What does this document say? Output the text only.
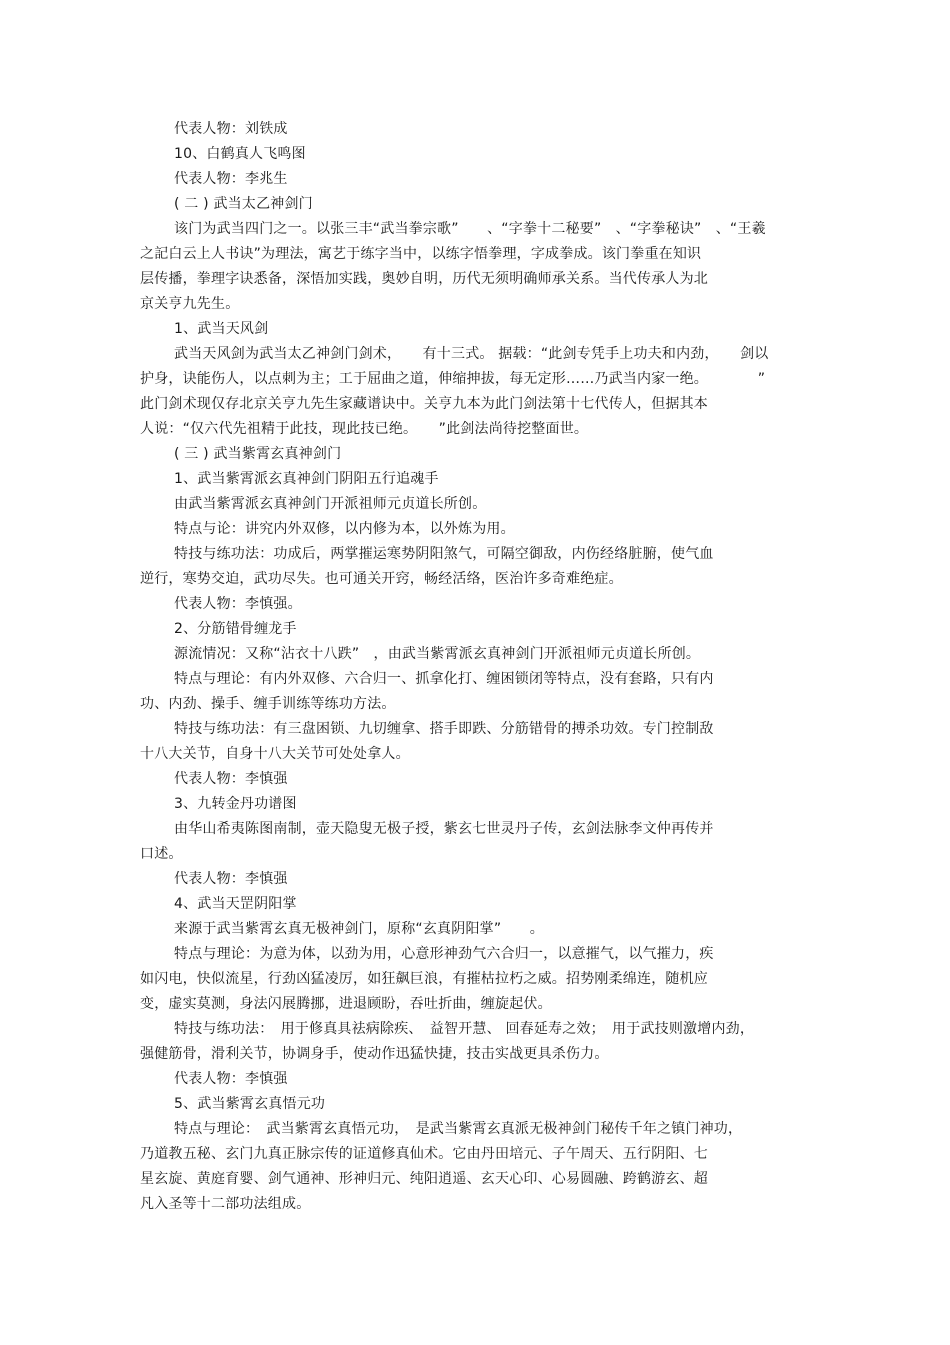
代表人物：刘铁成
10、白鹤真人飞鸣图
代表人物：李兆生
( 二 ) 武当太乙神剑门
该门为武当四门之一。以张三丰“武当拳宗歌”　　、“字拳十二秘要”　、“字拳秘诀”　、“王羲
之記白云上人书诀”为理法，寓艺于练字当中，以练字悟拳理，字成拳成。该门拳重在知识
层传播，拳理字诀悉备，深悟加实践，奥妙自明，历代无须明确师承关系。当代传承人为北
京关亨九先生。
1、武当天风剑
武当天风剑为武当太乙神剑门剑术，　　有十三式。 据载：“此剑专凭手上功夫和内劲，　　剑以
护身，诀能伤人，以点刺为主；工于屈曲之道，伸缩抻拔，每无定形……乃武当内家一绝。　　　　”
此门剑术现仅存北京关亨九先生家藏谱诀中。关亨九本为此门剑法第十七代传人，但据其本
人说：“仅六代先祖精于此技，现此技已绝。　　”此剑法尚待挖整面世。
( 三 ) 武当紫霄玄真神剑门
1、武当紫霄派玄真神剑门阴阳五行追魂手
由武当紫霄派玄真神剑门开派祖师元贞道长所创。
特点与论：讲究内外双修，以内修为本，以外炼为用。
特技与练功法：功成后，两掌摧运寒势阴阳煞气，可隔空御敌，内伤经络脏腑，使气血
逆行，寒势交迫，武功尽失。也可通关开窍，畅经活络，医治许多奇难绝症。
代表人物：李慎强。
2、分筋错骨缠龙手
源流情况：又称“沾衣十八跌”　，由武当紫霄派玄真神剑门开派祖师元贞道长所创。
特点与理论：有内外双修、六合归一、抓拿化打、缠困锁闭等特点，没有套路，只有内
功、内劲、操手、缠手训练等练功方法。
特技与练功法：有三盘困锁、九切缠拿、搭手即跌、分筋错骨的搏杀功效。专门控制敌
十八大关节，自身十八大关节可处处拿人。
代表人物：李慎强
3、九转金丹功谱图
由华山希夷陈图南制，壶天隐叟无极子授，紫玄七世灵丹子传，玄剑法脉李文仲再传并
口述。
代表人物：李慎强
4、武当天罡阴阳掌
来源于武当紫霄玄真无极神剑门，原称“玄真阴阳掌”　　。
特点与理论：为意为体，以劲为用，心意形神劲气六合归一，以意摧气，以气摧力，疾
如闪电，快似流星，行劲凶猛凌厉，如狂飙巨浪，有摧枯拉朽之威。招势刚柔绵连，随机应
变，虚实莫测，身法闪展腾挪，进退顾盼，吞吐折曲，缠旋起伏。
特技与练功法：　用于修真具祛病除疾、　益智开慧、 回春延寿之效；　用于武技则激增内劲，
强健筋骨，滑利关节，协调身手，使动作迅猛快捷，技击实战更具杀伤力。
代表人物：李慎强
5、武当紫霄玄真悟元功
特点与理论：　武当紫霄玄真悟元功，　是武当紫霄玄真派无极神剑门秘传千年之镇门神功，
乃道教五秘、玄门九真正脉宗传的证道修真仙术。它由丹田培元、子午周天、五行阴阳、七
星玄旋、黄庭育婴、剑气通神、形神归元、纯阳逍遥、玄天心印、心易圆融、跨鹤游玄、超
凡入圣等十二部功法组成。
